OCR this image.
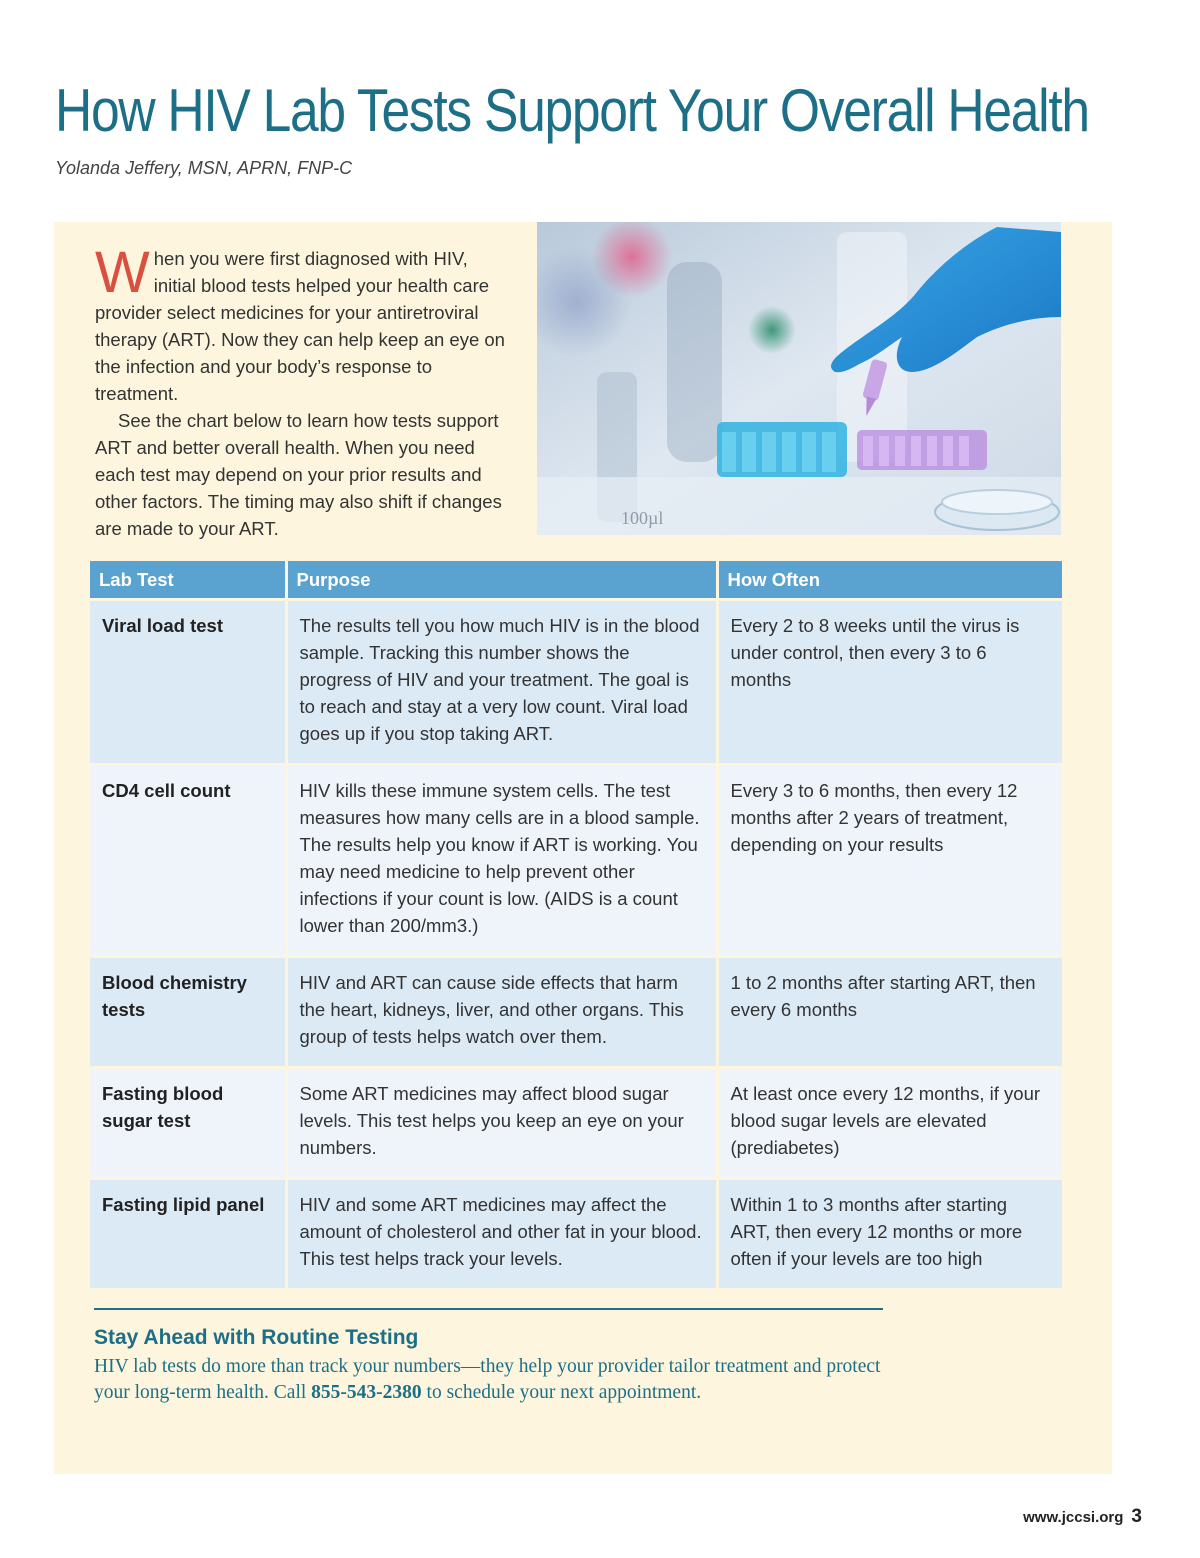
How HIV Lab Tests Support Your Overall Health
Yolanda Jeffery, MSN, APRN, FNP-C

When you were first diagnosed with HIV, initial blood tests helped your health care provider select medicines for your antiretroviral therapy (ART). Now they can help keep an eye on the infection and your body’s response to treatment.

See the chart below to learn how tests support ART and better overall health. When you need each test may depend on your prior results and other factors. The timing may also shift if changes are made to your ART.	100µl
Lab Test	Purpose	How Often
Viral load test	The results tell you how much HIV is in the blood sample. Tracking this number shows the progress of HIV and your treatment. The goal is to reach and stay at a very low count. Viral load goes up if you stop taking ART.	Every 2 to 8 weeks until the virus is under control, then every 3 to 6 months
CD4 cell count	HIV kills these immune system cells. The test measures how many cells are in a blood sample. The results help you know if ART is working. You may need medicine to help prevent other infections if your count is low. (AIDS is a count lower than 200/mm3.)	Every 3 to 6 months, then every 12 months after 2 years of treatment, depending on your results
Blood chemistry tests	HIV and ART can cause side effects that harm the heart, kidneys, liver, and other organs. This group of tests helps watch over them.	1 to 2 months after starting ART, then every 6 months
Fasting blood sugar test	Some ART medicines may affect blood sugar levels. This test helps you keep an eye on your numbers.	At least once every 12 months, if your blood sugar levels are elevated (prediabetes)
Fasting lipid panel	HIV and some ART medicines may affect the amount of cholesterol and other fat in your blood. This test helps track your levels.	Within 1 to 3 months after starting ART, then every 12 months or more often if your levels are too high
Stay Ahead with Routine Testing
HIV lab tests do more than track your numbers—they help your provider tailor treatment and protect your long-term health. Call 855-543-2380 to schedule your next appointment.
www.jccsi.org 3
